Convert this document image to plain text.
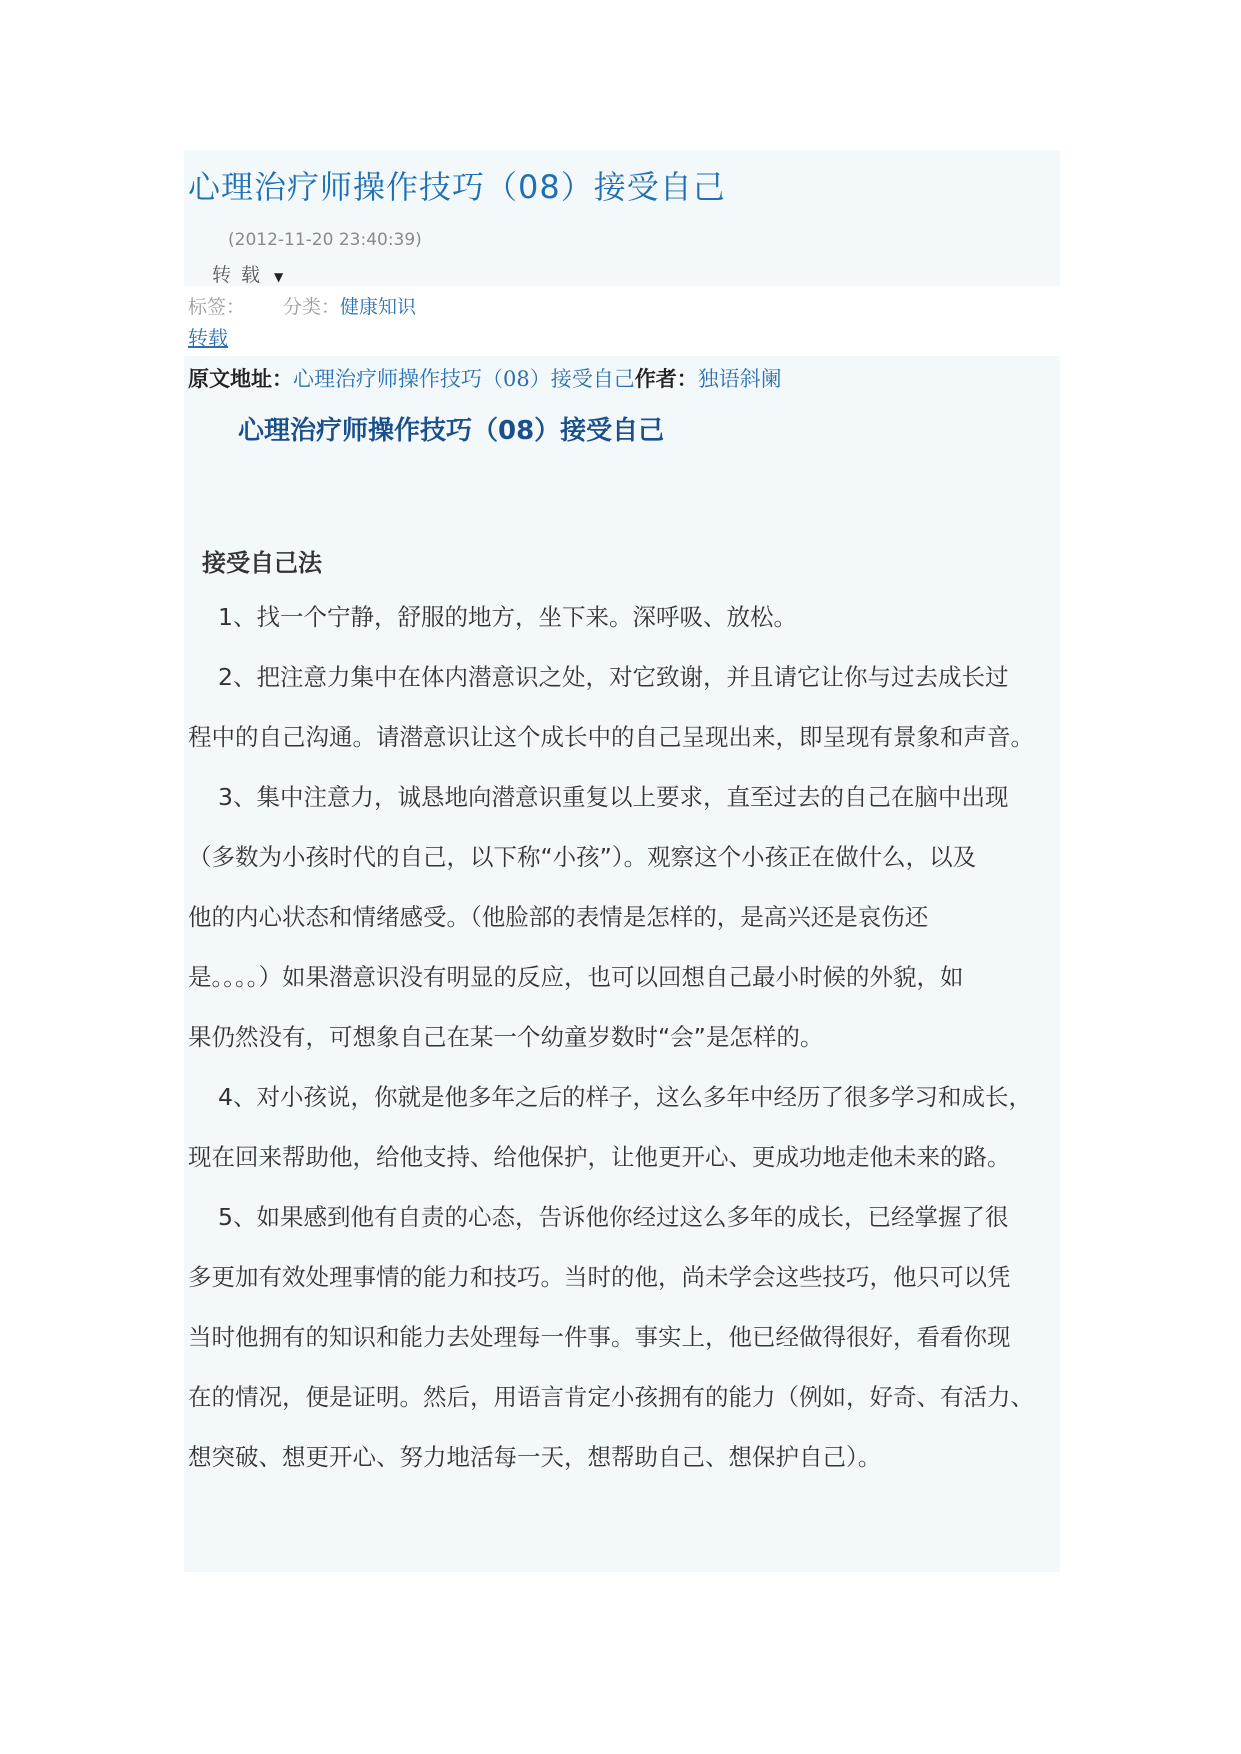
心理治疗师操作技巧（08）接受自己
(2012-11-20 23:40:39)
转载 ▼
标签： 分类：健康知识
转载
原文地址：心理治疗师操作技巧（08）接受自己作者：独语斜阑
心理治疗师操作技巧（08）接受自己
接受自己法
1、找一个宁静，舒服的地方，坐下来。深呼吸、放松。
2、把注意力集中在体内潜意识之处，对它致谢，并且请它让你与过去成长过
程中的自己沟通。请潜意识让这个成长中的自己呈现出来，即呈现有景象和声音。
3、集中注意力，诚恳地向潜意识重复以上要求，直至过去的自己在脑中出现
（多数为小孩时代的自己，以下称“小孩”）。观察这个小孩正在做什么，以及
他的内心状态和情绪感受。（他脸部的表情是怎样的，是高兴还是哀伤还
是。。。。）如果潜意识没有明显的反应，也可以回想自己最小时候的外貌，如
果仍然没有，可想象自己在某一个幼童岁数时“会”是怎样的。
4、对小孩说，你就是他多年之后的样子，这么多年中经历了很多学习和成长，
现在回来帮助他，给他支持、给他保护，让他更开心、更成功地走他未来的路。
5、如果感到他有自责的心态，告诉他你经过这么多年的成长，已经掌握了很
多更加有效处理事情的能力和技巧。当时的他，尚未学会这些技巧，他只可以凭
当时他拥有的知识和能力去处理每一件事。事实上，他已经做得很好，看看你现
在的情况，便是证明。然后，用语言肯定小孩拥有的能力（例如，好奇、有活力、
想突破、想更开心、努力地活每一天，想帮助自己、想保护自己）。
